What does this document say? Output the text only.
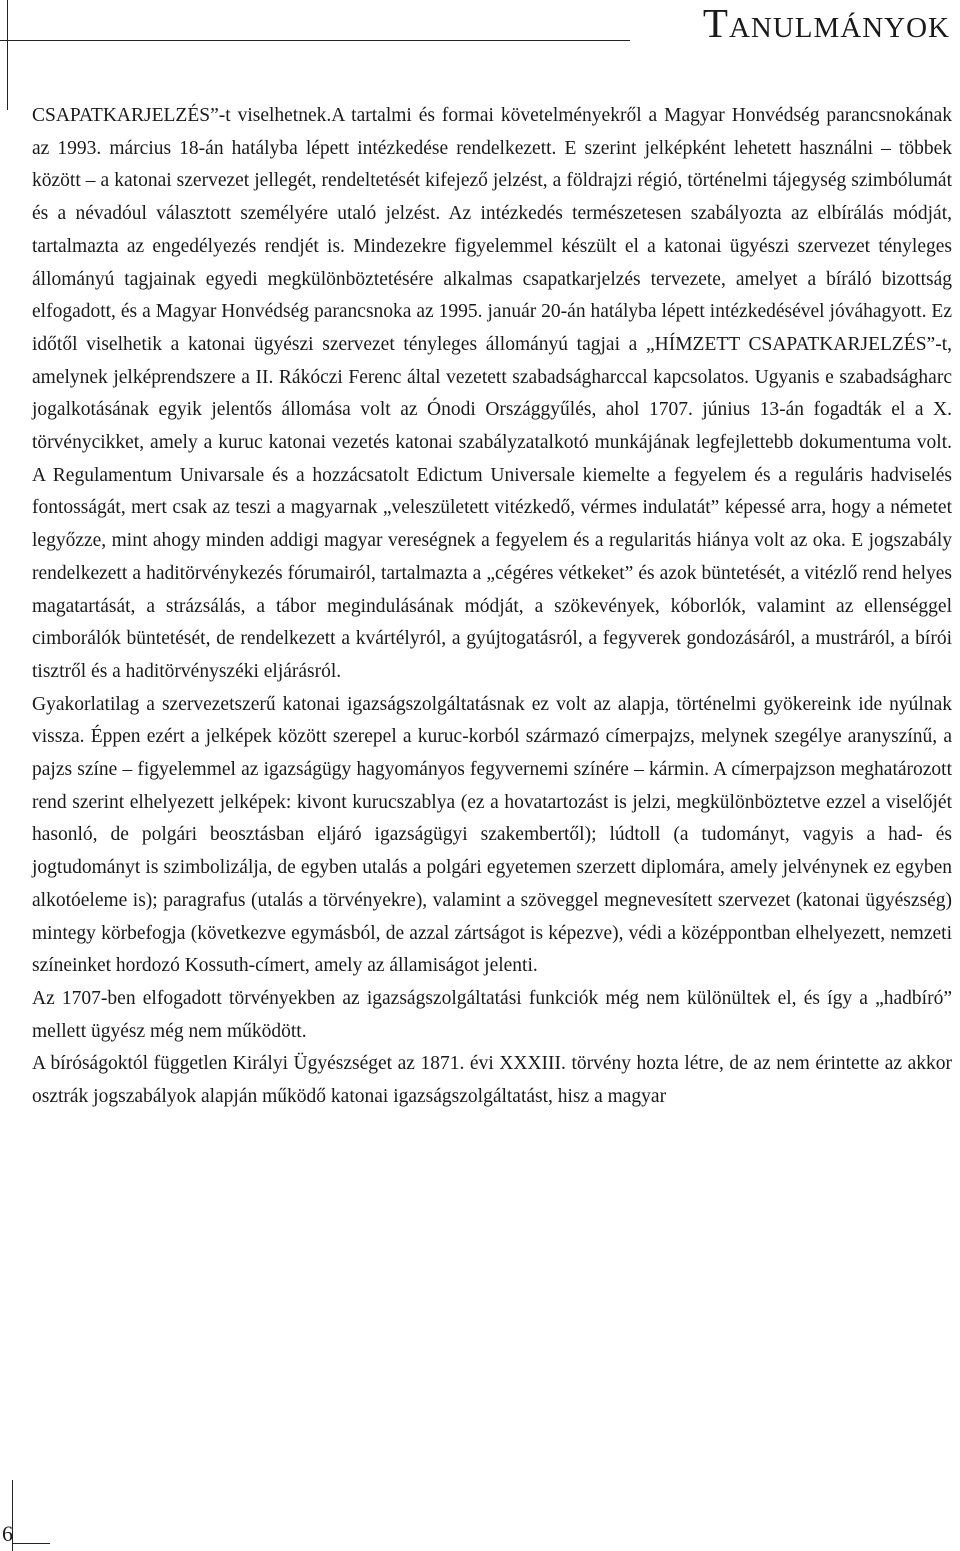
Tanulmányok

CSAPATKARJELZÉS”-t viselhetnek.A tartalmi és formai követelményekről a Magyar Honvédség parancsnokának az 1993. március 18-án hatályba lépett intézkedése rendelkezett. E szerint jelképként lehetett használni – többek között – a katonai szervezet jellegét, rendeltetését kifejező jelzést, a földrajzi régió, történelmi tájegység szimbólumát és a névadóul választott személyére utaló jelzést. Az intézkedés természetesen szabályozta az elbírálás módját, tartalmazta az engedélyezés rendjét is. Mindezekre figyelemmel készült el a katonai ügyészi szervezet tényleges állományú tagjainak egyedi megkülönböztetésére alkalmas csapatkarjelzés tervezete, amelyet a bíráló bizottság elfogadott, és a Magyar Honvédség parancsnoka az 1995. január 20-án hatályba lépett intézkedésével jóváhagyott. Ez időtől viselhetik a katonai ügyészi szervezet tényleges állományú tagjai a „HÍMZETT CSAPATKARJELZÉS”-t, amelynek jelképrendszere a II. Rákóczi Ferenc által vezetett szabadságharccal kapcsolatos. Ugyanis e szabadságharc jogalkotásának egyik jelentős állomása volt az Ónodi Országgyűlés, ahol 1707. június 13-án fogadták el a X. törvénycikket, amely a kuruc katonai vezetés katonai szabályzatalkotó munkájának legfejlettebb dokumentuma volt. A Regulamentum Univarsale és a hozzácsatolt Edictum Universale kiemelte a fegyelem és a reguláris hadviselés fontosságát, mert csak az teszi a magyarnak „veleszületett vitézkedő, vérmes indulatát” képessé arra, hogy a németet legyőzze, mint ahogy minden addigi magyar vereségnek a fegyelem és a regularitás hiánya volt az oka. E jogszabály rendelkezett a haditörvénykezés fórumairól, tartalmazta a „cégéres vétkeket” és azok büntetését, a vitézlő rend helyes magatartását, a strázsálás, a tábor megindulásának módját, a szökevények, kóborlók, valamint az ellenséggel cimborálók büntetését, de rendelkezett a kvártélyról, a gyújtogatásról, a fegyverek gondozásáról, a mustráról, a bírói tisztről és a haditörvényszéki eljárásról.

Gyakorlatilag a szervezetszerű katonai igazságszolgáltatásnak ez volt az alapja, történelmi gyökereink ide nyúlnak vissza. Éppen ezért a jelképek között szerepel a kuruc-korból származó címerpajzs, melynek szegélye aranyszínű, a pajzs színe – figyelemmel az igazságügy hagyományos fegyvernemi színére – kármin. A címerpajzson meghatározott rend szerint elhelyezett jelképek: kivont kurucszablya (ez a hovatartozást is jelzi, megkülönböztetve ezzel a viselőjét hasonló, de polgári beosztásban eljáró igazságügyi szakembertől); lúdtoll (a tudományt, vagyis a had- és jogtudományt is szimbolizálja, de egyben utalás a polgári egyetemen szerzett diplomára, amely jelvénynek ez egyben alkotóeleme is); paragrafus (utalás a törvényekre), valamint a szöveggel megnevesített szervezet (katonai ügyészség) mintegy körbefogja (következve egymásból, de azzal zártságot is képezve), védi a középpontban elhelyezett, nemzeti színeinket hordozó Kossuth-címert, amely az államiságot jelenti.

Az 1707-ben elfogadott törvényekben az igazságszolgáltatási funkciók még nem különültek el, és így a „hadbíró” mellett ügyész még nem működött.

A bíróságoktól független Királyi Ügyészséget az 1871. évi XXXIII. törvény hozta létre, de az nem érintette az akkor osztrák jogszabályok alapján működő katonai igazságszolgáltatást, hisz a magyar

6
